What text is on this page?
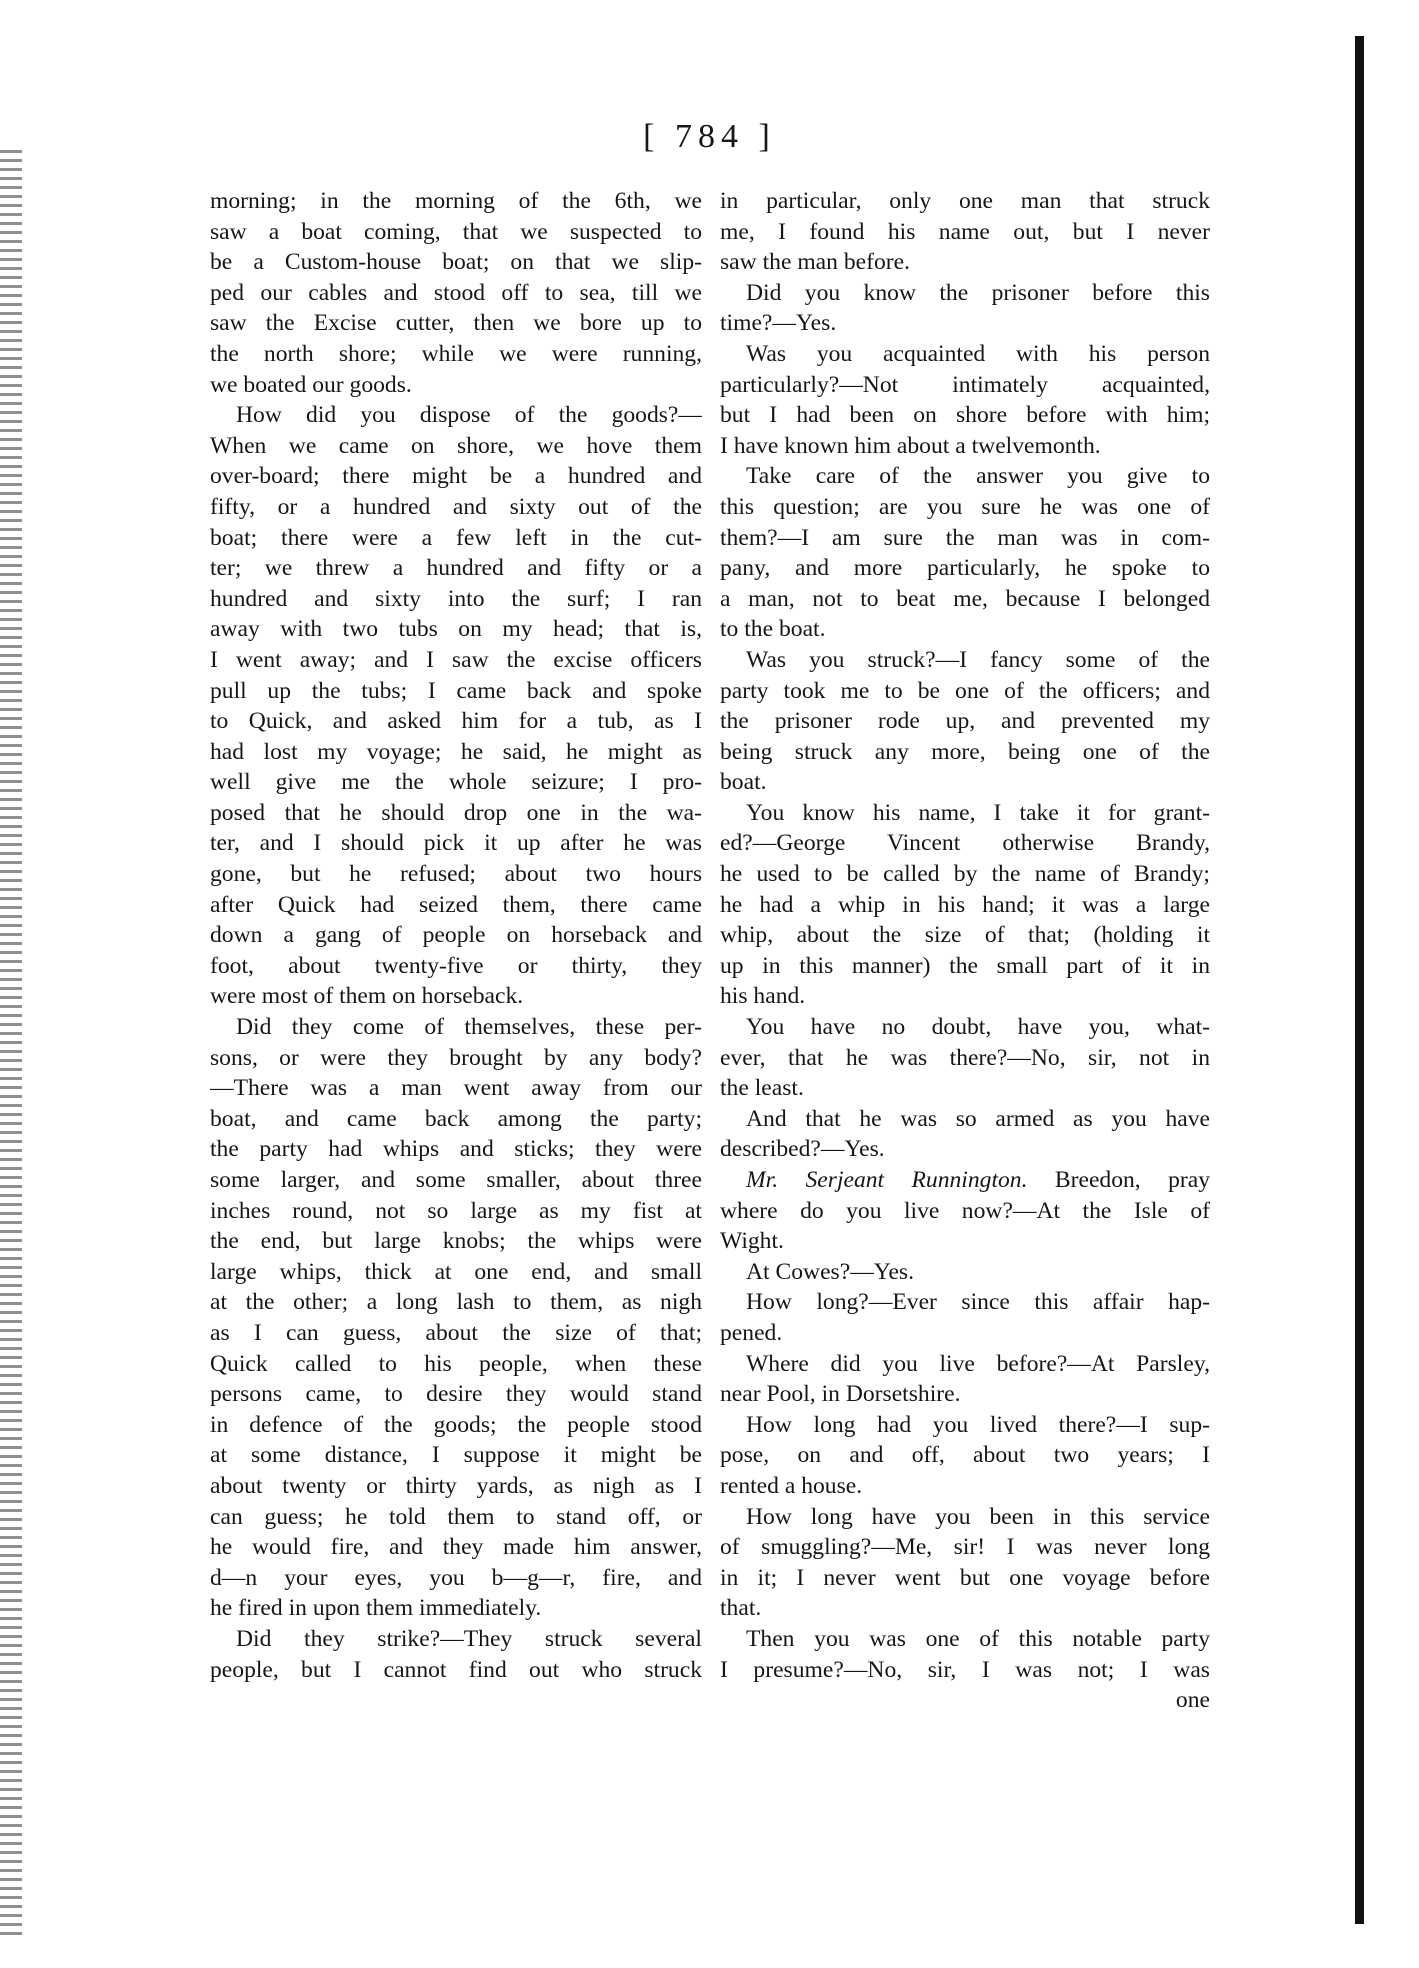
[ 784 ]
morning; in the morning of the 6th, we
saw a boat coming, that we suspected to
be a Custom-house boat; on that we slip-
ped our cables and stood off to sea, till we
saw the Excise cutter, then we bore up to
the north shore; while we were running,
we boated our goods.
How did you dispose of the goods?—
When we came on shore, we hove them
over-board; there might be a hundred and
fifty, or a hundred and sixty out of the
boat; there were a few left in the cut-
ter; we threw a hundred and fifty or a
hundred and sixty into the surf; I ran
away with two tubs on my head; that is,
I went away; and I saw the excise officers
pull up the tubs; I came back and spoke
to Quick, and asked him for a tub, as I
had lost my voyage; he said, he might as
well give me the whole seizure; I pro-
posed that he should drop one in the wa-
ter, and I should pick it up after he was
gone, but he refused; about two hours
after Quick had seized them, there came
down a gang of people on horseback and
foot, about twenty-five or thirty, they
were most of them on horseback.
Did they come of themselves, these per-
sons, or were they brought by any body?
—There was a man went away from our
boat, and came back among the party;
the party had whips and sticks; they were
some larger, and some smaller, about three
inches round, not so large as my fist at
the end, but large knobs; the whips were
large whips, thick at one end, and small
at the other; a long lash to them, as nigh
as I can guess, about the size of that;
Quick called to his people, when these
persons came, to desire they would stand
in defence of the goods; the people stood
at some distance, I suppose it might be
about twenty or thirty yards, as nigh as I
can guess; he told them to stand off, or
he would fire, and they made him answer,
d—n your eyes, you b—g—r, fire, and
he fired in upon them immediately.
Did they strike?—They struck several
people, but I cannot find out who struck
in particular, only one man that struck
me, I found his name out, but I never
saw the man before.
Did you know the prisoner before this
time?—Yes.
Was you acquainted with his person
particularly?—Not intimately acquainted,
but I had been on shore before with him;
I have known him about a twelvemonth.
Take care of the answer you give to
this question; are you sure he was one of
them?—I am sure the man was in com-
pany, and more particularly, he spoke to
a man, not to beat me, because I belonged
to the boat.
Was you struck?—I fancy some of the
party took me to be one of the officers; and
the prisoner rode up, and prevented my
being struck any more, being one of the
boat.
You know his name, I take it for grant-
ed?—George Vincent otherwise Brandy,
he used to be called by the name of Brandy;
he had a whip in his hand; it was a large
whip, about the size of that; (holding it
up in this manner) the small part of it in
his hand.
You have no doubt, have you, what-
ever, that he was there?—No, sir, not in
the least.
And that he was so armed as you have
described?—Yes.
Mr. Serjeant Runnington. Breedon, pray
where do you live now?—At the Isle of
Wight.
At Cowes?—Yes.
How long?—Ever since this affair hap-
pened.
Where did you live before?—At Parsley,
near Pool, in Dorsetshire.
How long had you lived there?—I sup-
pose, on and off, about two years; I
rented a house.
How long have you been in this service
of smuggling?—Me, sir! I was never long
in it; I never went but one voyage before
that.
Then you was one of this notable party
I presume?—No, sir, I was not; I was
one
